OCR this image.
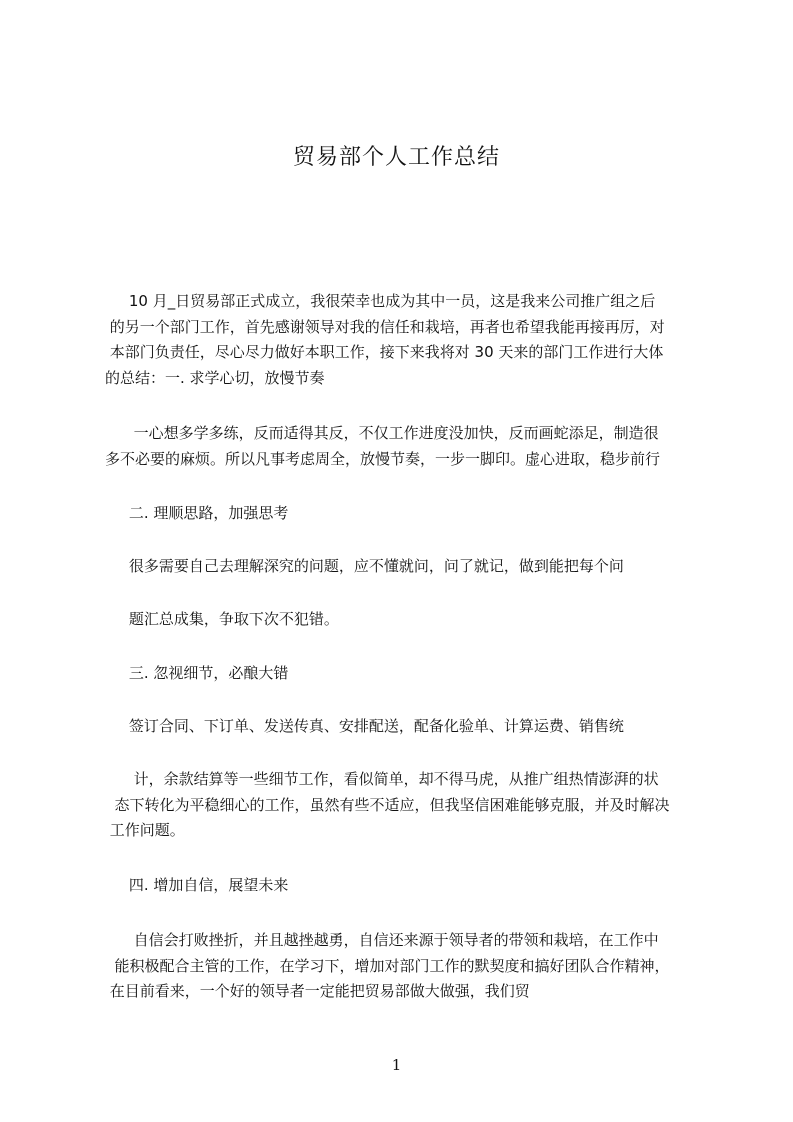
贸易部个人工作总结

10 月_日贸易部正式成立，我很荣幸也成为其中一员，这是我来公司推广组之后
的另一个部门工作，首先感谢领导对我的信任和栽培，再者也希望我能再接再厉，对
本部门负责任，尽心尽力做好本职工作，接下来我将对 30 天来的部门工作进行大体
的总结：一. 求学心切，放慢节奏

一心想多学多练，反而适得其反，不仅工作进度没加快，反而画蛇添足，制造很
多不必要的麻烦。所以凡事考虑周全，放慢节奏，一步一脚印。虚心进取，稳步前行

二. 理顺思路，加强思考

很多需要自己去理解深究的问题，应不懂就问，问了就记，做到能把每个问

题汇总成集，争取下次不犯错。

三. 忽视细节，必酿大错

签订合同、下订单、发送传真、安排配送，配备化验单、计算运费、销售统

计，余款结算等一些细节工作，看似简单，却不得马虎，从推广组热情澎湃的状
态下转化为平稳细心的工作，虽然有些不适应，但我坚信困难能够克服，并及时解决
工作问题。

四. 增加自信，展望未来

自信会打败挫折，并且越挫越勇，自信还来源于领导者的带领和栽培，在工作中
能积极配合主管的工作，在学习下，增加对部门工作的默契度和搞好团队合作精神，
在目前看来，一个好的领导者一定能把贸易部做大做强，我们贸

1
